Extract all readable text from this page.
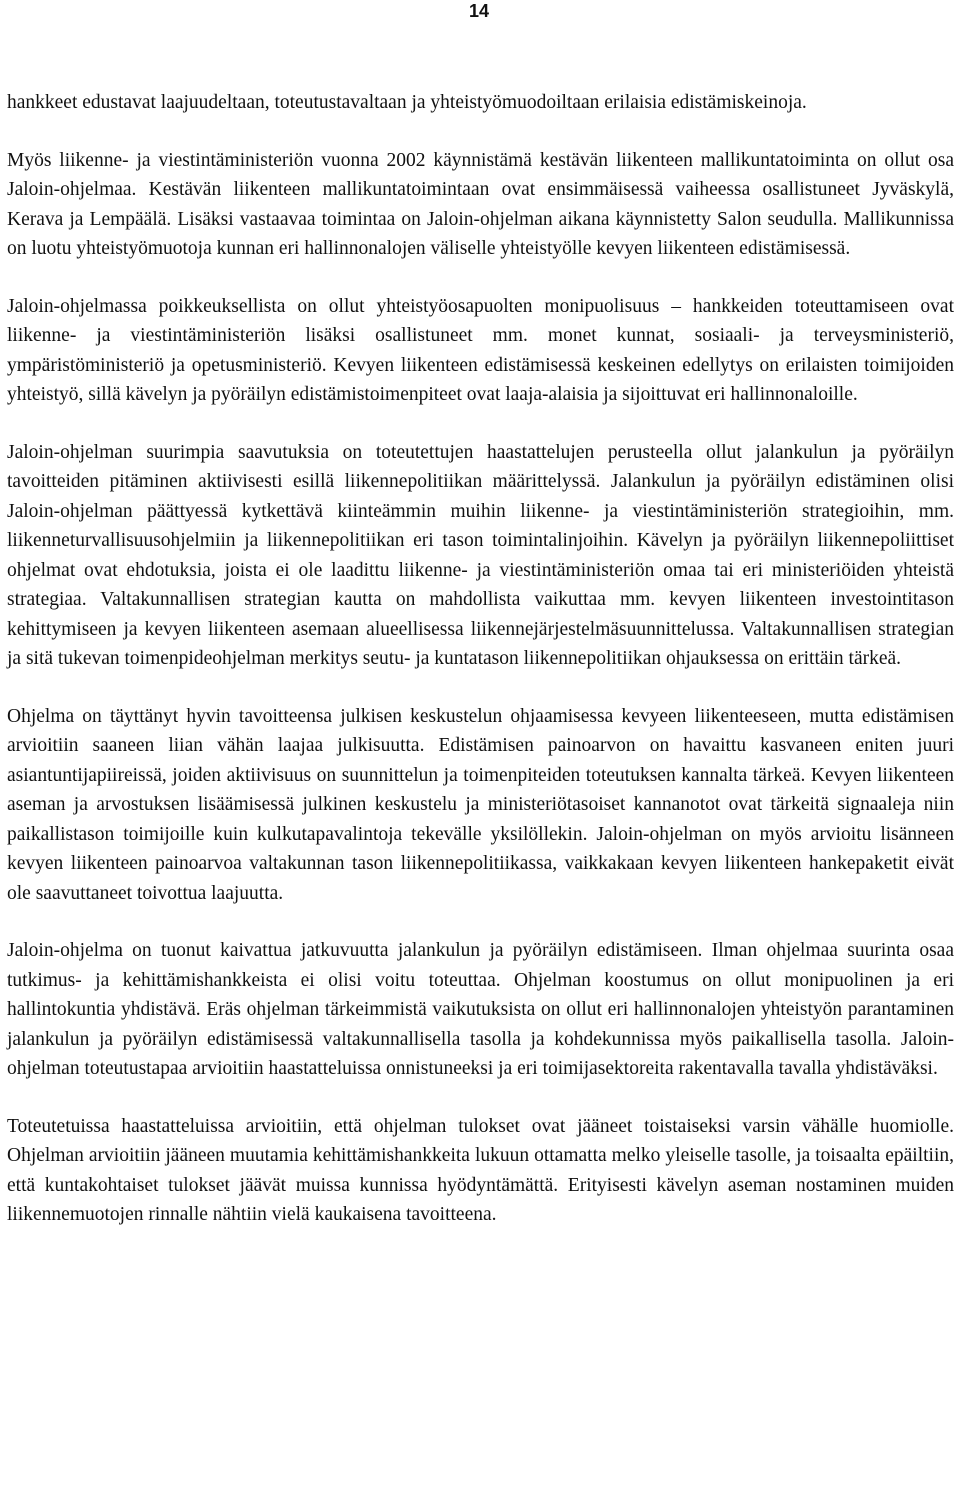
14

hankkeet edustavat laajuudeltaan, toteutustavaltaan ja yhteistyömuodoiltaan erilaisia edistämiskeinoja.

Myös liikenne- ja viestintäministeriön vuonna 2002 käynnistämä kestävän liikenteen mallikuntatoiminta on ollut osa Jaloin-ohjelmaa. Kestävän liikenteen mallikuntatoimintaan ovat ensimmäisessä vaiheessa osallistuneet Jyväskylä, Kerava ja Lempäälä. Lisäksi vastaavaa toimintaa on Jaloin-ohjelman aikana käynnistetty Salon seudulla. Mallikunnissa on luotu yhteistyömuotoja kunnan eri hallinnonalojen väliselle yhteistyölle kevyen liikenteen edistämisessä.

Jaloin-ohjelmassa poikkeuksellista on ollut yhteistyöosapuolten monipuolisuus – hankkeiden toteuttamiseen ovat liikenne- ja viestintäministeriön lisäksi osallistuneet mm. monet kunnat, sosiaali- ja terveysministeriö, ympäristöministeriö ja opetusministeriö. Kevyen liikenteen edistämisessä keskeinen edellytys on erilaisten toimijoiden yhteistyö, sillä kävelyn ja pyöräilyn edistämistoimenpiteet ovat laaja-alaisia ja sijoittuvat eri hallinnonaloille.

Jaloin-ohjelman suurimpia saavutuksia on toteutettujen haastattelujen perusteella ollut jalankulun ja pyöräilyn tavoitteiden pitäminen aktiivisesti esillä liikennepolitiikan määrittelyssä. Jalankulun ja pyöräilyn edistäminen olisi Jaloin-ohjelman päättyessä kytkettävä kiinteämmin muihin liikenne- ja viestintäministeriön strategioihin, mm. liikenneturvallisuusohjelmiin ja liikennepolitiikan eri tason toimintalinjoihin. Kävelyn ja pyöräilyn liikennepoliittiset ohjelmat ovat ehdotuksia, joista ei ole laadittu liikenne- ja viestintäministeriön omaa tai eri ministeriöiden yhteistä strategiaa. Valtakunnallisen strategian kautta on mahdollista vaikuttaa mm. kevyen liikenteen investointitason kehittymiseen ja kevyen liikenteen asemaan alueellisessa liikennejärjestelmäsuunnittelussa. Valtakunnallisen strategian ja sitä tukevan toimenpideohjelman merkitys seutu- ja kuntatason liikennepolitiikan ohjauksessa on erittäin tärkeä.

Ohjelma on täyttänyt hyvin tavoitteensa julkisen keskustelun ohjaamisessa kevyeen liikenteeseen, mutta edistämisen arvioitiin saaneen liian vähän laajaa julkisuutta. Edistämisen painoarvon on havaittu kasvaneen eniten juuri asiantuntijapiireissä, joiden aktiivisuus on suunnittelun ja toimenpiteiden toteutuksen kannalta tärkeä. Kevyen liikenteen aseman ja arvostuksen lisäämisessä julkinen keskustelu ja ministeriötasoiset kannanotot ovat tärkeitä signaaleja niin paikallistason toimijoille kuin kulkutapavalintoja tekevälle yksilöllekin. Jaloin-ohjelman on myös arvioitu lisänneen kevyen liikenteen painoarvoa valtakunnan tason liikennepolitiikassa, vaikkakaan kevyen liikenteen hankepaketit eivät ole saavuttaneet toivottua laajuutta.

Jaloin-ohjelma on tuonut kaivattua jatkuvuutta jalankulun ja pyöräilyn edistämiseen. Ilman ohjelmaa suurinta osaa tutkimus- ja kehittämishankkeista ei olisi voitu toteuttaa. Ohjelman koostumus on ollut monipuolinen ja eri hallintokuntia yhdistävä. Eräs ohjelman tärkeimmistä vaikutuksista on ollut eri hallinnonalojen yhteistyön parantaminen jalankulun ja pyöräilyn edistämisessä valtakunnallisella tasolla ja kohdekunnissa myös paikallisella tasolla. Jaloin-ohjelman toteutustapaa arvioitiin haastatteluissa onnistuneeksi ja eri toimijasektoreita rakentavalla tavalla yhdistäväksi.

Toteutetuissa haastatteluissa arvioitiin, että ohjelman tulokset ovat jääneet toistaiseksi varsin vähälle huomiolle. Ohjelman arvioitiin jääneen muutamia kehittämishankkeita lukuun ottamatta melko yleiselle tasolle, ja toisaalta epäiltiin, että kuntakohtaiset tulokset jäävät muissa kunnissa hyödyntämättä. Erityisesti kävelyn aseman nostaminen muiden liikennemuotojen rinnalle nähtiin vielä kaukaisena tavoitteena.
